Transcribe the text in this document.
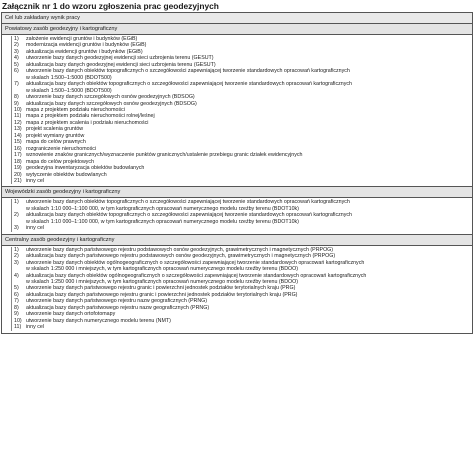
Załącznik nr 1 do wzoru zgłoszenia prac geodezyjnych
Cel lub zakładany wynik pracy
Powiatowy zasób geodezyjny i kartograficzny
1)	założenie ewidencji gruntów i budynków (EGiB)
2)	modernizacja ewidencji gruntów i budynków (EGiB)
3)	aktualizacja ewidencji gruntów i budynków (EGiB)
4)	utworzenie bazy danych geodezyjnej ewidencji sieci uzbrojenia terenu (GESUT)
5)	aktualizacja bazy danych geodezyjnej ewidencji sieci uzbrojenia terenu (GESUT)
6)	utworzenie bazy danych obiektów topograficznych o szczegółowości zapewniającej tworzenie standardowych opracowań kartograficznych
w skalach 1:500–1:5000 (BDOT500)
7)	aktualizacja bazy danych obiektów topograficznych o szczegółowości zapewniającej tworzenie standardowych opracowań kartograficznych
w skalach 1:500–1:5000 (BDOT500)
8)	utworzenie bazy danych szczegółowych osnów geodezyjnych (BDSOG)
9)	aktualizacja bazy danych szczegółowych osnów geodezyjnych (BDSOG)
10) mapa z projektem podziału nieruchomości
11) mapa z projektem podziału nieruchomości rolnej/leśnej
12) mapa z projektem scalenia i podziału nieruchomości
13) projekt scalenia gruntów
14) projekt wymiany gruntów
15) mapa do celów prawnych
16) rozgraniczenie nieruchomości
17) wznowienie znaków granicznych/wyznaczenie punktów granicznych/ustalenie przebiegu granic działek ewidencyjnych
18) mapa do celów projektowych
19) geodezyjna inwentaryzacja obiektów budowlanych
20) wytyczenie obiektów budowlanych
21) inny cel
Wojewódzki zasób geodezyjny i kartograficzny
1)	utworzenie bazy danych obiektów topograficznych o szczegółowości zapewniającej tworzenie standardowych opracowań kartograficznych
w skalach 1:10 000–1:100 000, w tym kartograficznych opracowań numerycznego modelu rzeźby terenu (BDOT10k)
2)	aktualizacja bazy danych obiektów topograficznych o szczegółowości zapewniającej tworzenie standardowych opracowań kartograficznych
w skalach 1:10 000–1:100 000, w tym kartograficznych opracowań numerycznego modelu rzeźby terenu (BDOT10k)
3)	inny cel
Centralny zasób geodezyjny i kartograficzny
1)	utworzenie bazy danych państwowego rejestru podstawowych osnów geodezyjnych, grawimetrycznych i magnetycznych (PRPOG)
2)	aktualizacja bazy danych państwowego rejestru podstawowych osnów geodezyjnych, grawimetrycznych i magnetycznych (PRPOG)
3)	utworzenie bazy danych obiektów ogólnogeograficznych o szczegółowości zapewniającej tworzenie standardowych opracowań kartograficznych
w skalach 1:250 000 i mniejszych, w tym kartograficznych opracowań numerycznego modelu rzeźby terenu (BDOO)
4)	aktualizacja bazy danych obiektów ogólnogeograficznych o szczegółowości zapewniającej tworzenie standardowych opracowań kartograficznych
w skalach 1:250 000 i mniejszych, w tym kartograficznych opracowań numerycznego modelu rzeźby terenu (BDOO)
5)	utworzenie bazy danych państwowego rejestru granic i powierzchni jednostek podziałów terytorialnych kraju (PRG)
6)	aktualizacja bazy danych państwowego rejestru granic i powierzchni jednostek podziałów terytorialnych kraju (PRG)
7)	utworzenie bazy danych państwowego rejestru nazw geograficznych (PRNG)
8)	aktualizacja bazy danych państwowego rejestru nazw geograficznych (PRNG)
9)	utworzenie bazy danych ortofotomapy
10) utworzenie bazy danych numerycznego modelu terenu (NMT)
11) inny cel
